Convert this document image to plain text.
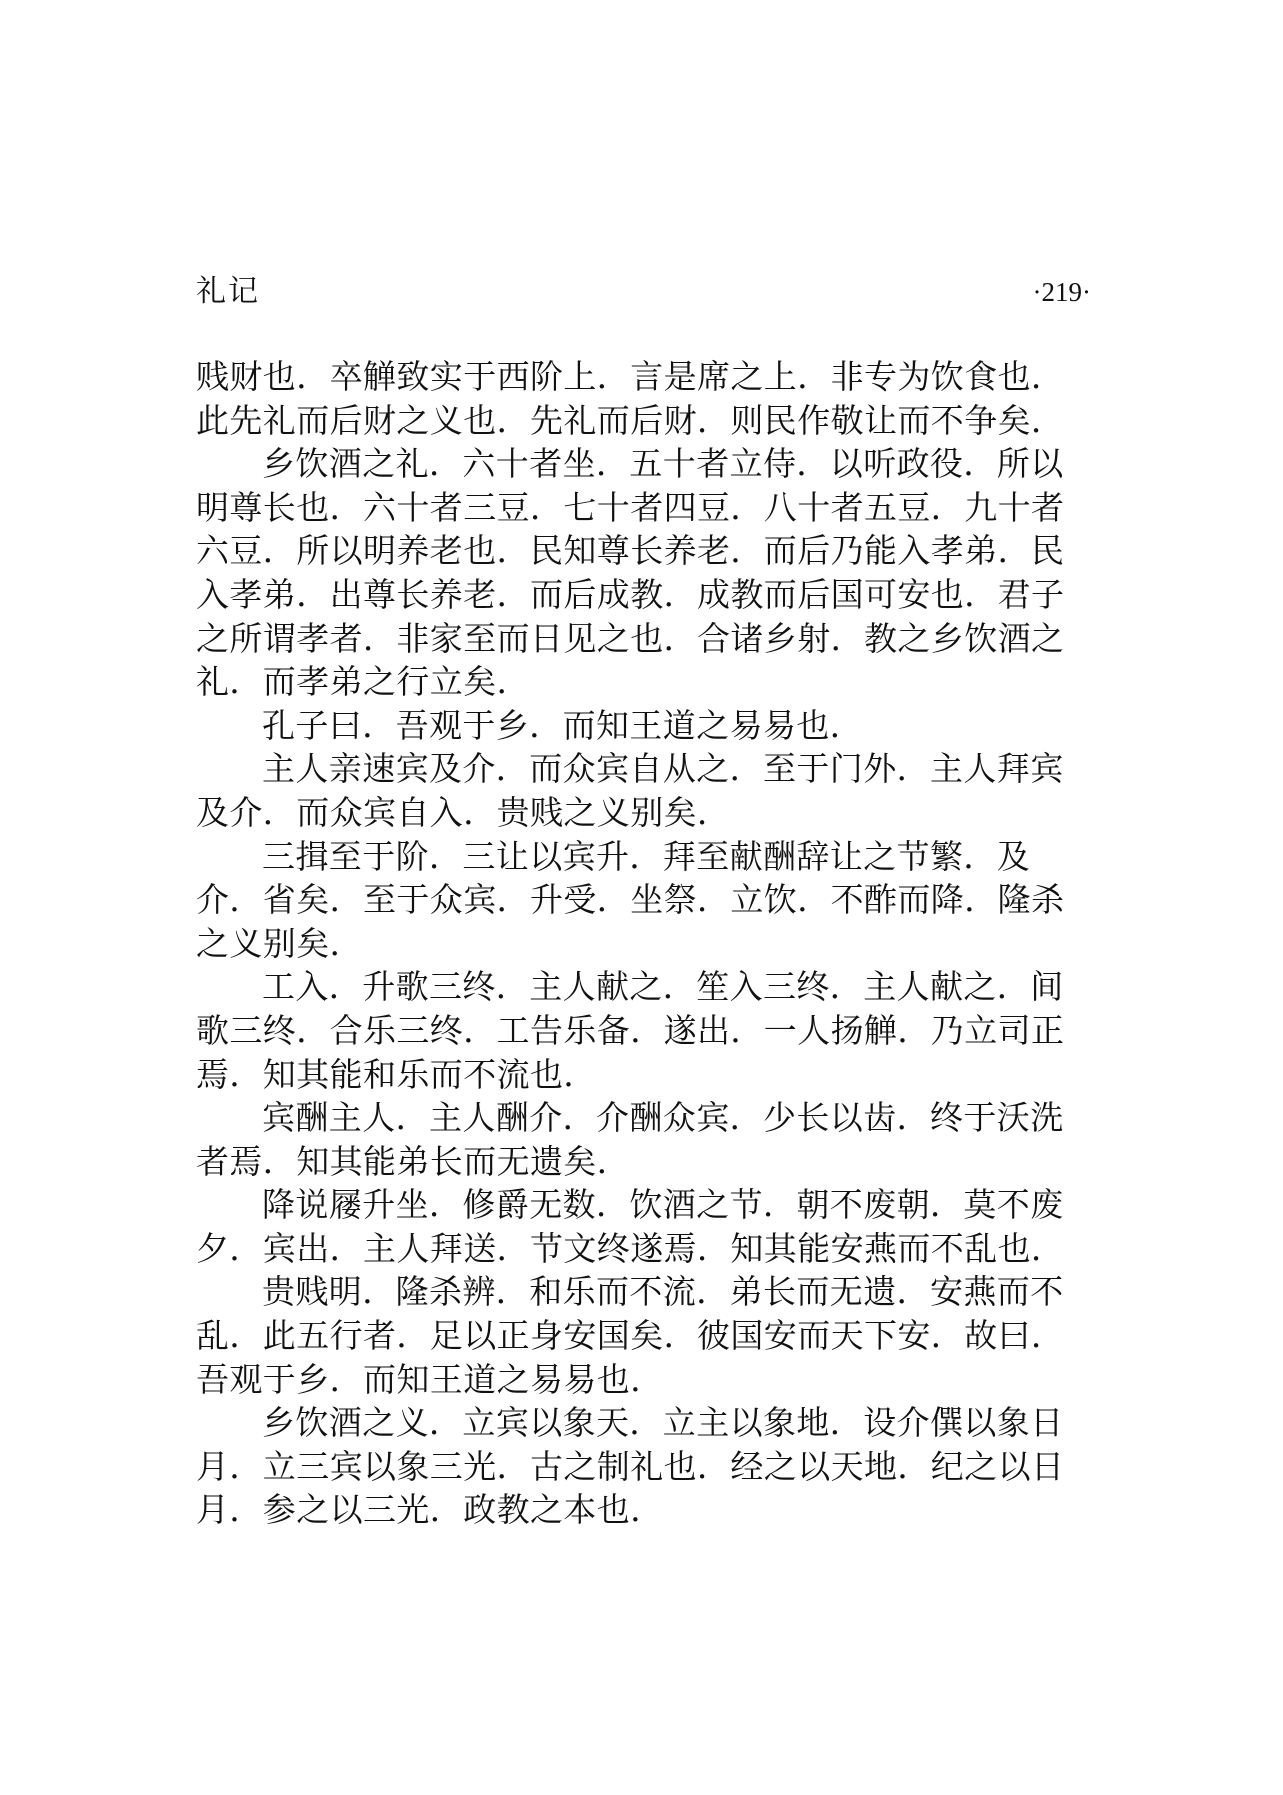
礼记	·219·

贱财也．卒觯致实于西阶上．言是席之上．非专为饮食也．此先礼而后财之义也．先礼而后财．则民作敬让而不争矣．

乡饮酒之礼．六十者坐．五十者立侍．以听政役．所以明尊长也．六十者三豆．七十者四豆．八十者五豆．九十者六豆．所以明养老也．民知尊长养老．而后乃能入孝弟．民入孝弟．出尊长养老．而后成教．成教而后国可安也．君子之所谓孝者．非家至而日见之也．合诸乡射．教之乡饮酒之礼．而孝弟之行立矣．

孔子曰．吾观于乡．而知王道之易易也．

主人亲速宾及介．而众宾自从之．至于门外．主人拜宾及介．而众宾自入．贵贱之义别矣．

三揖至于阶．三让以宾升．拜至献酬辞让之节繁．及介．省矣．至于众宾．升受．坐祭．立饮．不酢而降．隆杀之义别矣．

工入．升歌三终．主人献之．笙入三终．主人献之．间歌三终．合乐三终．工告乐备．遂出．一人扬觯．乃立司正焉．知其能和乐而不流也．

宾酬主人．主人酬介．介酬众宾．少长以齿．终于沃洗者焉．知其能弟长而无遗矣．

降说屦升坐．修爵无数．饮酒之节．朝不废朝．莫不废夕．宾出．主人拜送．节文终遂焉．知其能安燕而不乱也．

贵贱明．隆杀辨．和乐而不流．弟长而无遗．安燕而不乱．此五行者．足以正身安国矣．彼国安而天下安．故曰．吾观于乡．而知王道之易易也．

乡饮酒之义．立宾以象天．立主以象地．设介僎以象日月．立三宾以象三光．古之制礼也．经之以天地．纪之以日月．参之以三光．政教之本也．
